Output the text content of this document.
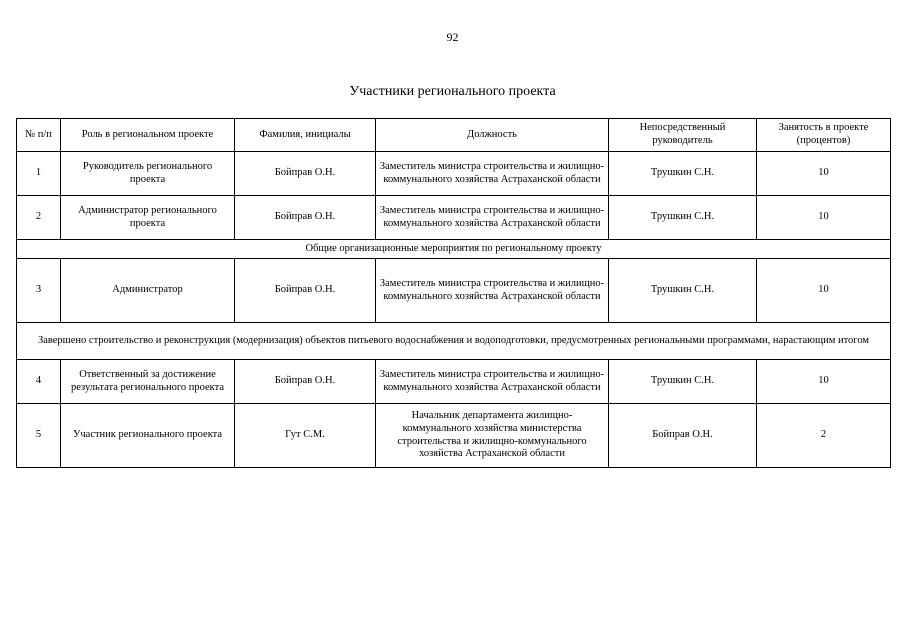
92
Участники регионального проекта
№ п/п	Роль в региональном проекте	Фамилия, инициалы	Должность	Непосредственный руководитель	Занятость в проекте (процентов)
1	Руководитель регионального проекта	Бойправ О.Н.	Заместитель министра строительства и жилищно-коммунального хозяйства Астраханской области	Трушкин С.Н.	10
2	Администратор регионального проекта	Бойправ О.Н.	Заместитель министра строительства и жилищно-коммунального хозяйства Астраханской области	Трушкин С.Н.	10
Общие организационные мероприятия по региональному проекту					
3	Администратор	Бойправ О.Н.	Заместитель министра строительства и жилищно-коммунального хозяйства Астраханской области	Трушкин С.Н.	10
Завершено строительство и реконструкция (модернизация) объектов питьевого водоснабжения и водоподготовки, предусмотренных региональными программами, нарастающим итогом					
4	Ответственный за достижение результата регионального проекта	Бойправ О.Н.	Заместитель министра строительства и жилищно-коммунального хозяйства Астраханской области	Трушкин С.Н.	10
5	Участник регионального проекта	Гут С.М.	Начальник департамента жилищно-коммунального хозяйства министерства строительства и жилищно-коммунального хозяйства Астраханской области	Бойправ О.Н.	2
